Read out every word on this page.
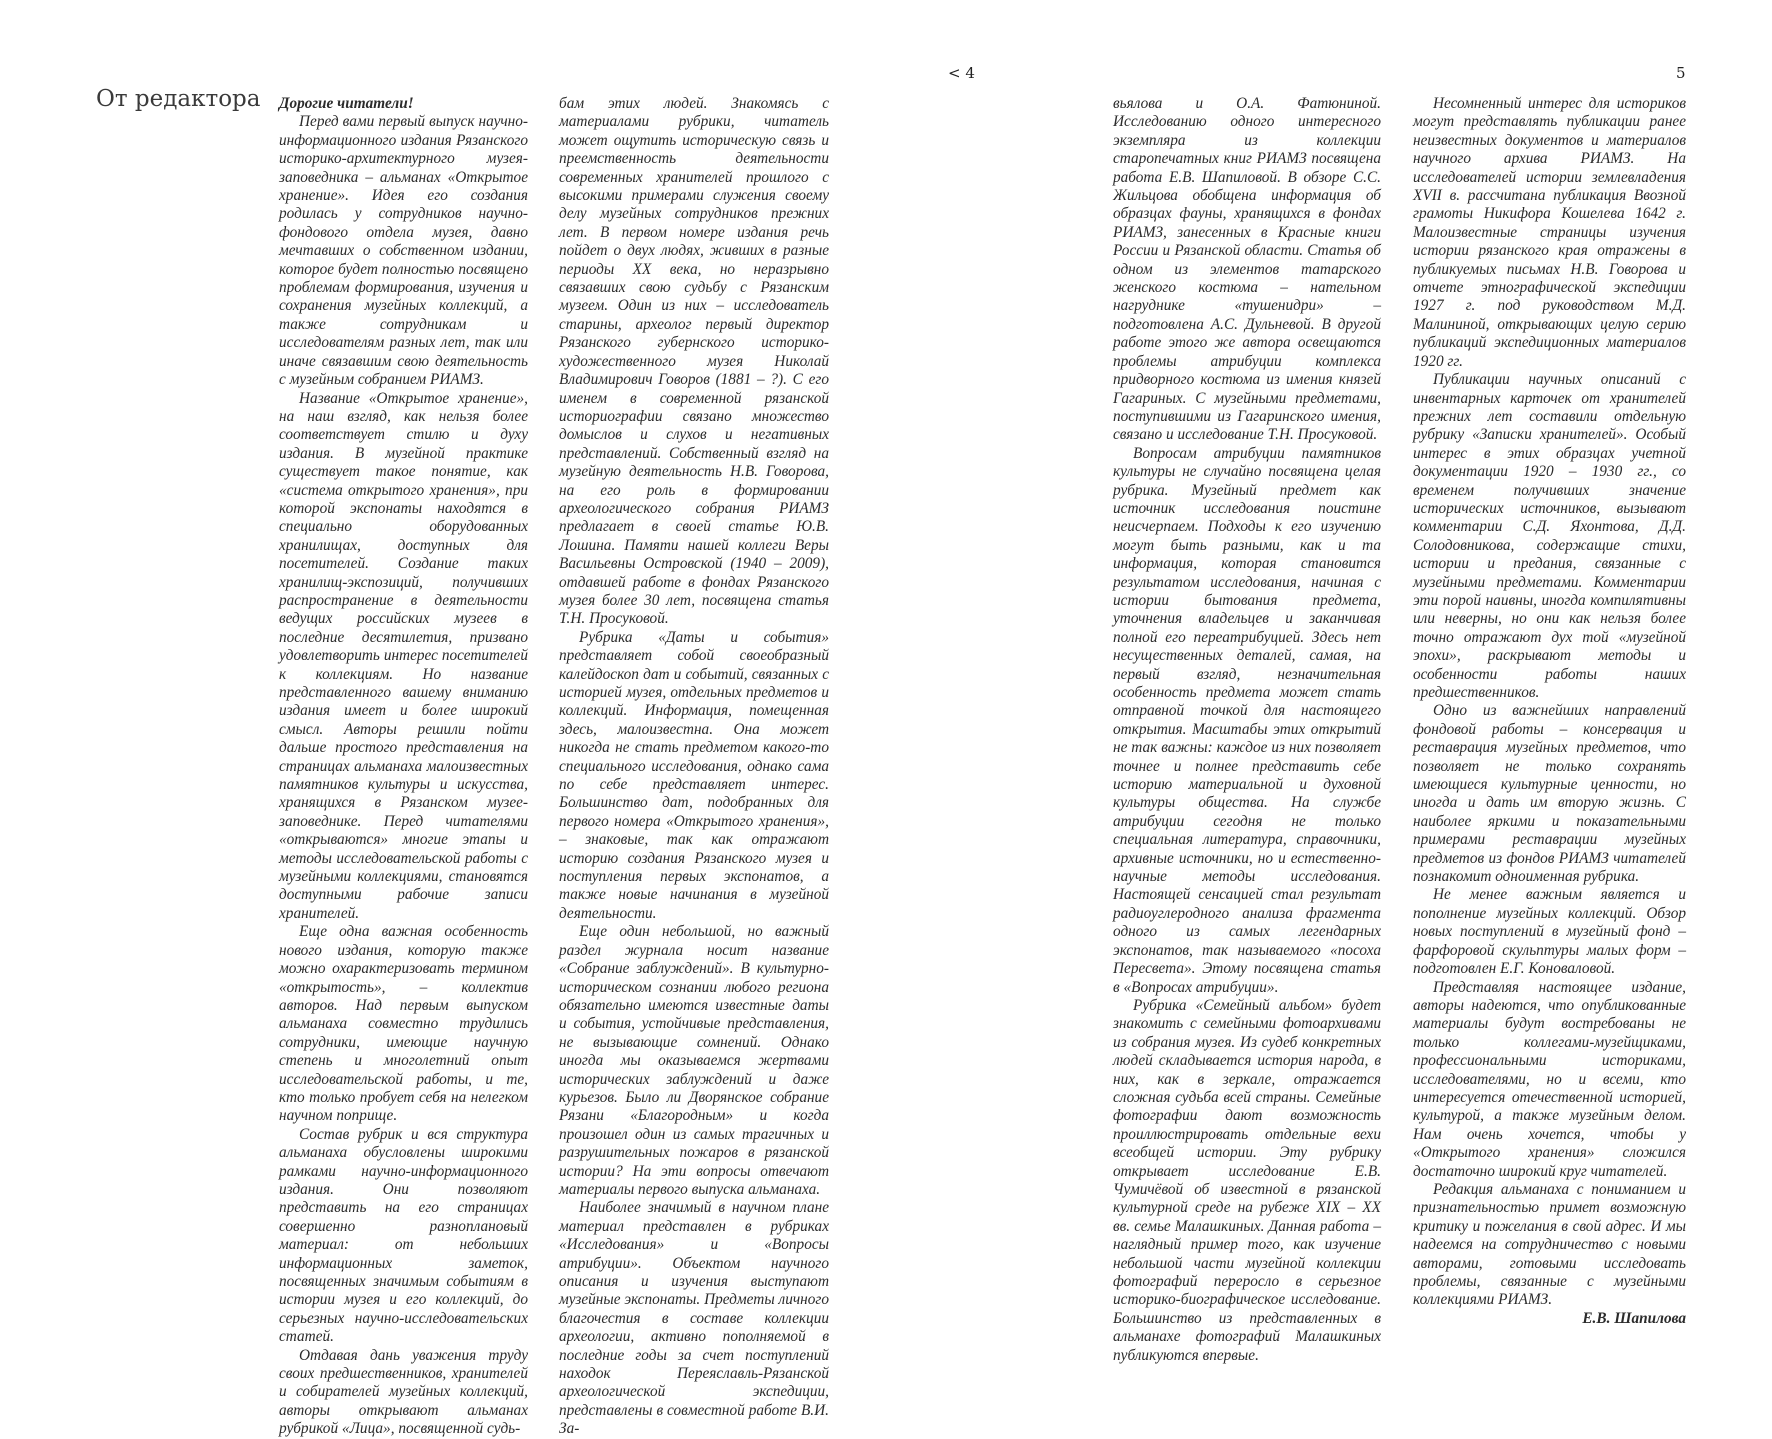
< 4	5
От редактора Дорогие читатели!

Перед вами первый выпуск научно-информационного издания Рязанского историко-архитектурного музея-заповедника – альманах «Открытое хранение». Идея его создания родилась у сотрудников научно-фондового отдела музея, давно мечтавших о собственном издании, которое будет полностью посвящено проблемам формирования, изучения и сохранения музейных коллекций, а также сотрудникам и исследователям разных лет, так или иначе связавшим свою деятельность с музейным собранием РИАМЗ.

Название «Открытое хранение», на наш взгляд, как нельзя более соответствует стилю и духу издания. В музейной практике существует такое понятие, как «система открытого хранения», при которой экспонаты находятся в специально оборудованных хранилищах, доступных для посетителей. Создание таких хранилищ-экспозиций, получивших распространение в деятельности ведущих российских музеев в последние десятилетия, призвано удовлетворить интерес посетителей к коллекциям. Но название представленного вашему вниманию издания имеет и более широкий смысл. Авторы решили пойти дальше простого представления на страницах альманаха малоизвестных памятников культуры и искусства, хранящихся в Рязанском музее-заповеднике. Перед читателями «открываются» многие этапы и методы исследовательской работы с музейными коллекциями, становятся доступными рабочие записи хранителей.

Еще одна важная особенность нового издания, которую также можно охарактеризовать термином «открытость», – коллектив авторов. Над первым выпуском альманаха совместно трудились сотрудники, имеющие научную степень и многолетний опыт исследовательской работы, и те, кто только пробует себя на нелегком научном поприще.

Состав рубрик и вся структура альманаха обусловлены широкими рамками научно-информационного издания. Они позволяют представить на его страницах совершенно разноплановый материал: от небольших информационных заметок, посвященных значимым событиям в истории музея и его коллекций, до серьезных научно-исследовательских статей.

Отдавая дань уважения труду своих предшественников, хранителей и собирателей музейных коллекций, авторы открывают альманах рубрикой «Лица», посвященной судь-

бам этих людей. Знакомясь с материалами рубрики, читатель может ощутить историческую связь и преемственность деятельности современных хранителей прошлого с высокими примерами служения своему делу музейных сотрудников прежних лет. В первом номере издания речь пойдет о двух людях, живших в разные периоды XX века, но неразрывно связавших свою судьбу с Рязанским музеем. Один из них – исследователь старины, археолог первый директор Рязанского губернского историко-художественного музея Николай Владимирович Говоров (1881 – ?). С его именем в современной рязанской историографии связано множество домыслов и слухов и негативных представлений. Собственный взгляд на музейную деятельность Н.В. Говорова, на его роль в формировании археологического собрания РИАМЗ предлагает в своей статье Ю.В. Лошина. Памяти нашей коллеги Веры Васильевны Островской (1940 – 2009), отдавшей работе в фондах Рязанского музея более 30 лет, посвящена статья Т.Н. Просуковой.

Рубрика «Даты и события» представляет собой своеобразный калейдоскоп дат и событий, связанных с историей музея, отдельных предметов и коллекций. Информация, помещенная здесь, малоизвестна. Она может никогда не стать предметом какого-то специального исследования, однако сама по себе представляет интерес. Большинство дат, подобранных для первого номера «Открытого хранения», – знаковые, так как отражают историю создания Рязанского музея и поступления первых экспонатов, а также новые начинания в музейной деятельности.

Еще один небольшой, но важный раздел журнала носит название «Собрание заблуждений». В культурно-историческом сознании любого региона обязательно имеются известные даты и события, устойчивые представления, не вызывающие сомнений. Однако иногда мы оказываемся жертвами исторических заблуждений и даже курьезов. Было ли Дворянское собрание Рязани «Благородным» и когда произошел один из самых трагичных и разрушительных пожаров в рязанской истории? На эти вопросы отвечают материалы первого выпуска альманаха.

Наиболее значимый в научном плане материал представлен в рубриках «Исследования» и «Вопросы атрибуции». Объектом научного описания и изучения выступают музейные экспонаты. Предметы личного благочестия в составе коллекции археологии, активно пополняемой в последние годы за счет поступлений находок Переяславль-Рязанской археологической экспедиции, представлены в совместной работе В.И. За-

вьялова и О.А. Фатюниной. Исследованию одного интересного экземпляра из коллекции старопечатных книг РИАМЗ посвящена работа Е.В. Шапиловой. В обзоре С.С. Жильцова обобщена информация об образцах фауны, хранящихся в фондах РИАМЗ, занесенных в Красные книги России и Рязанской области. Статья об одном из элементов татарского женского костюма – нательном нагруднике «тушенидри» – подготовлена А.С. Дульневой. В другой работе этого же автора освещаются проблемы атрибуции комплекса придворного костюма из имения князей Гагариных. С музейными предметами, поступившими из Гагаринского имения, связано и исследование Т.Н. Просуковой.

Вопросам атрибуции памятников культуры не случайно посвящена целая рубрика. Музейный предмет как источник исследования поистине неисчерпаем. Подходы к его изучению могут быть разными, как и та информация, которая становится результатом исследования, начиная с истории бытования предмета, уточнения владельцев и заканчивая полной его переатрибуцией. Здесь нет несущественных деталей, самая, на первый взгляд, незначительная особенность предмета может стать отправной точкой для настоящего открытия. Масштабы этих открытий не так важны: каждое из них позволяет точнее и полнее представить себе историю материальной и духовной культуры общества. На службе атрибуции сегодня не только специальная литература, справочники, архивные источники, но и естественно-научные методы исследования. Настоящей сенсацией стал результат радиоуглеродного анализа фрагмента одного из самых легендарных экспонатов, так называемого «посоха Пересвета». Этому посвящена статья в «Вопросах атрибуции».

Рубрика «Семейный альбом» будет знакомить с семейными фотоархивами из собрания музея. Из судеб конкретных людей складывается история народа, в них, как в зеркале, отражается сложная судьба всей страны. Семейные фотографии дают возможность проиллюстрировать отдельные вехи всеобщей истории. Эту рубрику открывает исследование Е.В. Чумичёвой об известной в рязанской культурной среде на рубеже XIX – XX вв. семье Малашкиных. Данная работа – наглядный пример того, как изучение небольшой части музейной коллекции фотографий переросло в серьезное историко-биографическое исследование. Большинство из представленных в альманахе фотографий Малашкиных публикуются впервые.

Несомненный интерес для историков могут представлять публикации ранее неизвестных документов и материалов научного архива РИАМЗ. На исследователей истории землевладения XVII в. рассчитана публикация Ввозной грамоты Никифора Кошелева 1642 г. Малоизвестные страницы изучения истории рязанского края отражены в публикуемых письмах Н.В. Говорова и отчете этнографической экспедиции 1927 г. под руководством М.Д. Малининой, открывающих целую серию публикаций экспедиционных материалов 1920 гг.

Публикации научных описаний с инвентарных карточек от хранителей прежних лет составили отдельную рубрику «Записки хранителей». Особый интерес в этих образцах учетной документации 1920 – 1930 гг., со временем получивших значение исторических источников, вызывают комментарии С.Д. Яхонтова, Д.Д. Солодовникова, содержащие стихи, истории и предания, связанные с музейными предметами. Комментарии эти порой наивны, иногда компилятивны или неверны, но они как нельзя более точно отражают дух той «музейной эпохи», раскрывают методы и особенности работы наших предшественников.

Одно из важнейших направлений фондовой работы – консервация и реставрация музейных предметов, что позволяет не только сохранять имеющиеся культурные ценности, но иногда и дать им вторую жизнь. С наиболее яркими и показательными примерами реставрации музейных предметов из фондов РИАМЗ читателей познакомит одноименная рубрика.

Не менее важным является и пополнение музейных коллекций. Обзор новых поступлений в музейный фонд – фарфоровой скульптуры малых форм – подготовлен Е.Г. Коноваловой.

Представляя настоящее издание, авторы надеются, что опубликованные материалы будут востребованы не только коллегами-музейщиками, профессиональными историками, исследователями, но и всеми, кто интересуется отечественной историей, культурой, а также музейным делом. Нам очень хочется, чтобы у «Открытого хранения» сложился достаточно широкий круг читателей.

Редакция альманаха с пониманием и признательностью примет возможную критику и пожелания в свой адрес. И мы надеемся на сотрудничество с новыми авторами, готовыми исследовать проблемы, связанные с музейными коллекциями РИАМЗ.

Е.В. Шапилова
